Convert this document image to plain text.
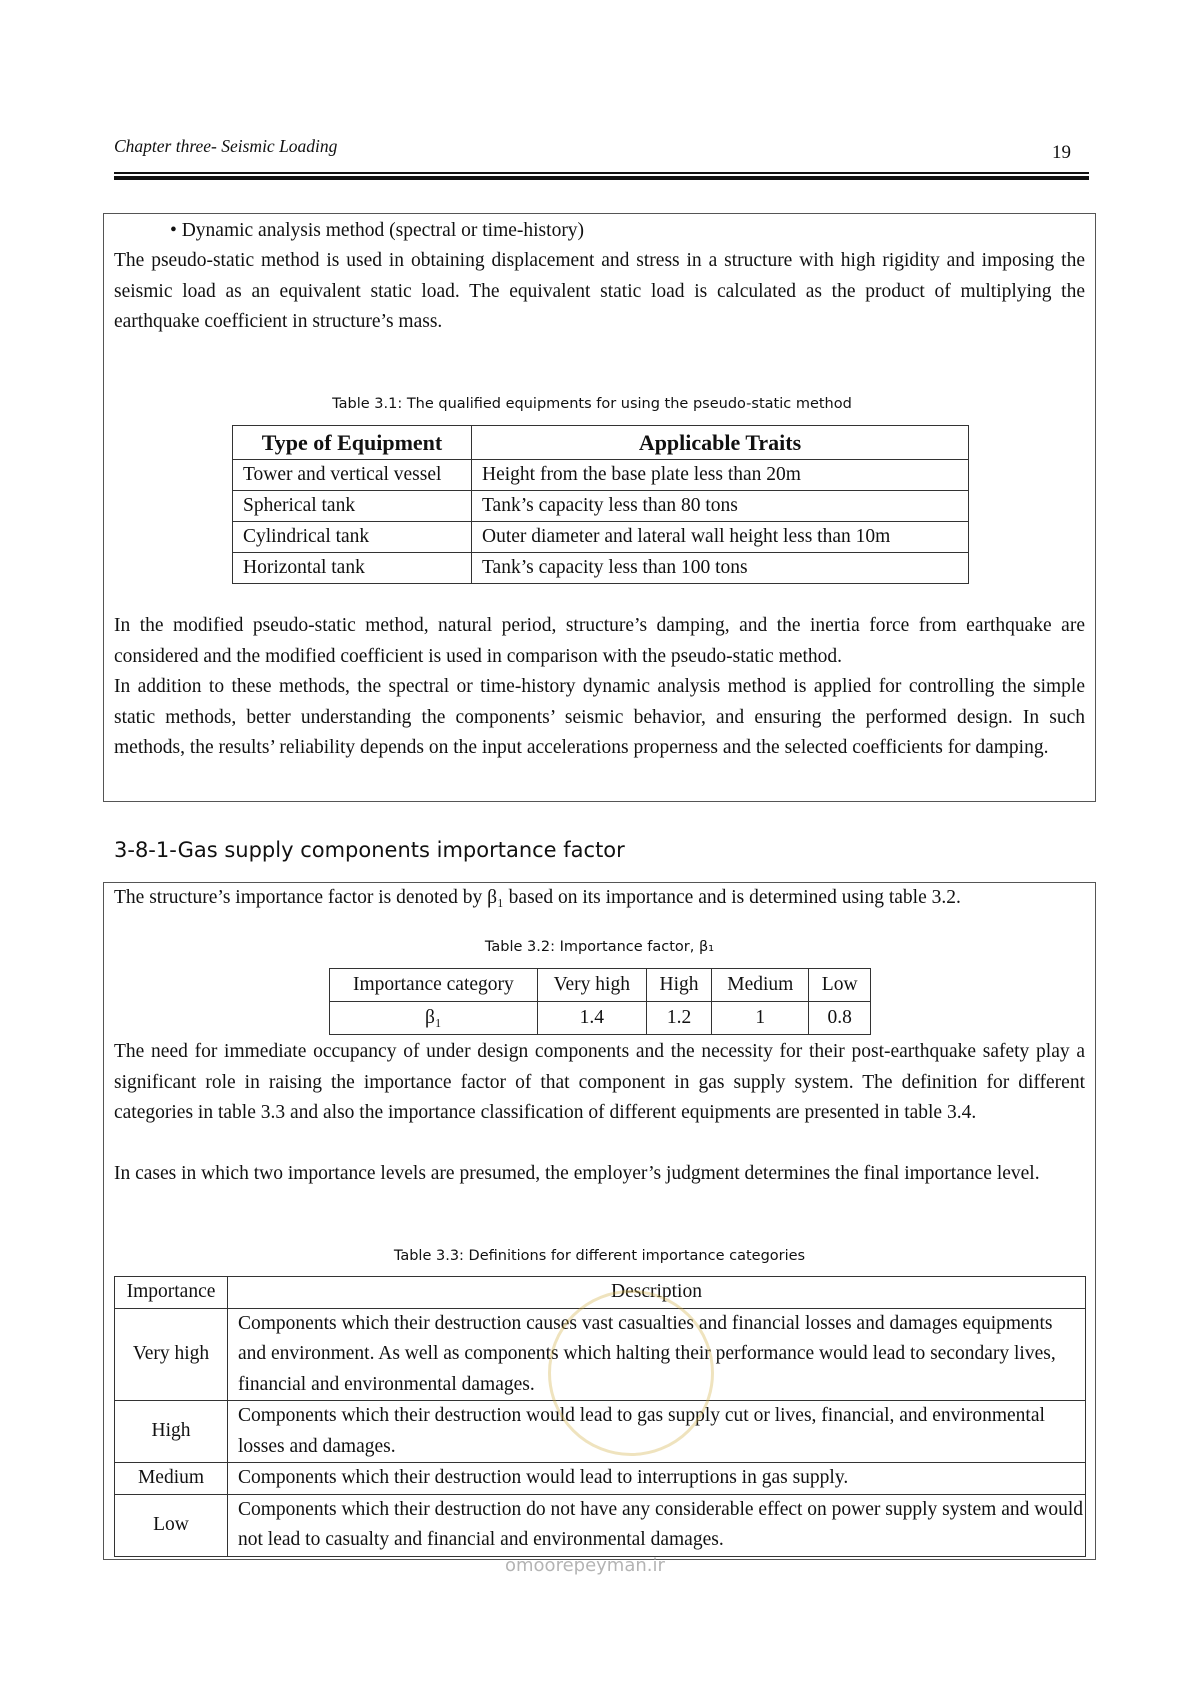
Chapter three- Seismic Loading	19
• Dynamic analysis method (spectral or time-history)
The pseudo-static method is used in obtaining displacement and stress in a structure with high rigidity and imposing the seismic load as an equivalent static load. The equivalent static load is calculated as the product of multiplying the earthquake coefficient in structure’s mass.
Table 3.1: The qualified equipments for using the pseudo-static method
Type of Equipment	Applicable Traits
Tower and vertical vessel	Height from the base plate less than 20m
Spherical tank	Tank’s capacity less than 80 tons
Cylindrical tank	Outer diameter and lateral wall height less than 10m
Horizontal tank	Tank’s capacity less than 100 tons
In the modified pseudo-static method, natural period, structure’s damping, and the inertia force from earthquake are considered and the modified coefficient is used in comparison with the pseudo-static method.
In addition to these methods, the spectral or time-history dynamic analysis method is applied for controlling the simple static methods, better understanding the components’ seismic behavior, and ensuring the performed design. In such methods, the results’ reliability depends on the input accelerations properness and the selected coefficients for damping.
3-8-1-Gas supply components importance factor
The structure’s importance factor is denoted by β₁ based on its importance and is determined using table 3.2.
Table 3.2: Importance factor, β₁
Importance category	Very high	High	Medium	Low
β₁	1.4	1.2	1	0.8
The need for immediate occupancy of under design components and the necessity for their post-earthquake safety play a significant role in raising the importance factor of that component in gas supply system. The definition for different categories in table 3.3 and also the importance classification of different equipments are presented in table 3.4.
In cases in which two importance levels are presumed, the employer’s judgment determines the final importance level.
Table 3.3: Definitions for different importance categories
Importance	Description
Very high	Components which their destruction causes vast casualties and financial losses and damages equipments and environment. As well as components which halting their performance would lead to secondary lives, financial and environmental damages.
High	Components which their destruction would lead to gas supply cut or lives, financial, and environmental losses and damages.
Medium	Components which their destruction would lead to interruptions in gas supply.
Low	Components which their destruction do not have any considerable effect on power supply system and would not lead to casualty and financial and environmental damages.
omoorepeyman.ir
